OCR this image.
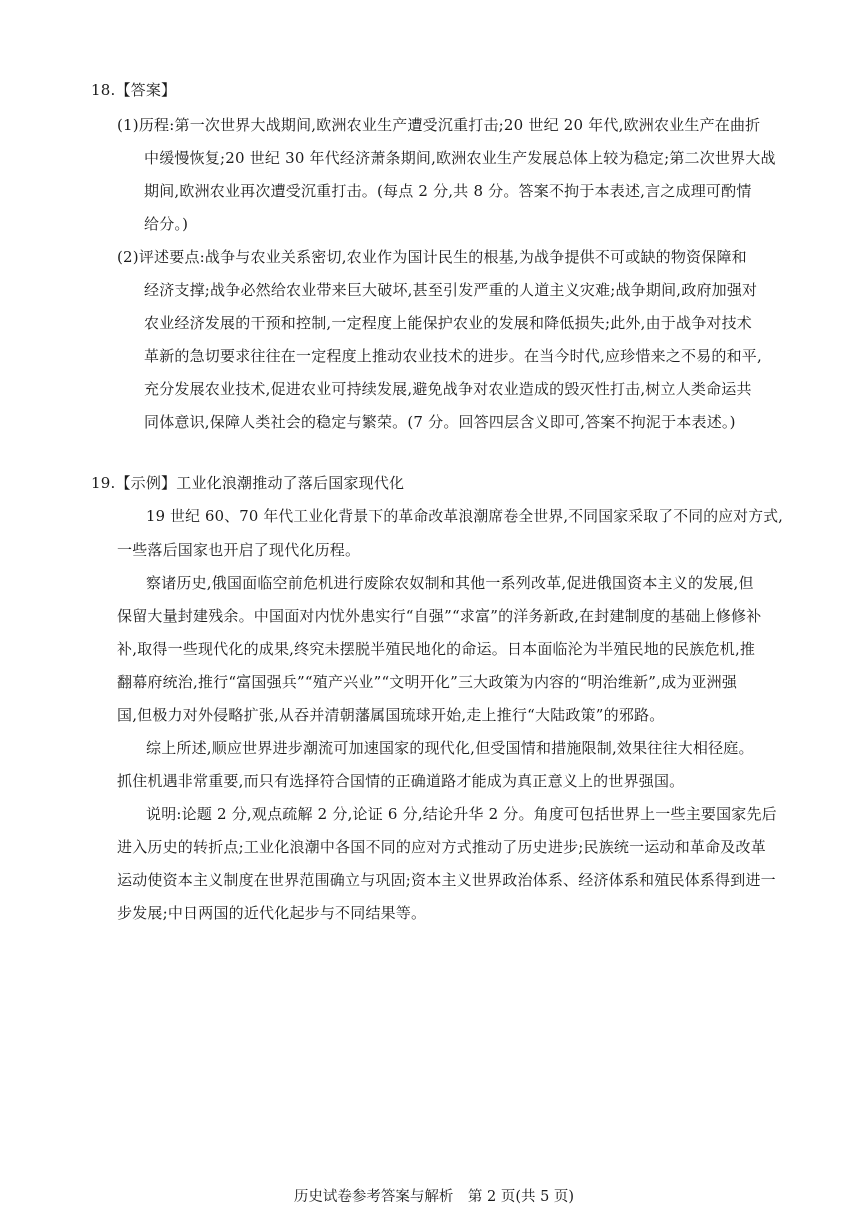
18.【答案】
(1)历程:第一次世界大战期间,欧洲农业生产遭受沉重打击;20 世纪 20 年代,欧洲农业生产在曲折
中缓慢恢复;20 世纪 30 年代经济萧条期间,欧洲农业生产发展总体上较为稳定;第二次世界大战
期间,欧洲农业再次遭受沉重打击。(每点 2 分,共 8 分。答案不拘于本表述,言之成理可酌情
给分。)
(2)评述要点:战争与农业关系密切,农业作为国计民生的根基,为战争提供不可或缺的物资保障和
经济支撑;战争必然给农业带来巨大破坏,甚至引发严重的人道主义灾难;战争期间,政府加强对
农业经济发展的干预和控制,一定程度上能保护农业的发展和降低损失;此外,由于战争对技术
革新的急切要求往往在一定程度上推动农业技术的进步。在当今时代,应珍惜来之不易的和平,
充分发展农业技术,促进农业可持续发展,避免战争对农业造成的毁灭性打击,树立人类命运共
同体意识,保障人类社会的稳定与繁荣。(7 分。回答四层含义即可,答案不拘泥于本表述。)
19.【示例】工业化浪潮推动了落后国家现代化
19 世纪 60、70 年代工业化背景下的革命改革浪潮席卷全世界,不同国家采取了不同的应对方式,
一些落后国家也开启了现代化历程。
察诸历史,俄国面临空前危机进行废除农奴制和其他一系列改革,促进俄国资本主义的发展,但
保留大量封建残余。中国面对内忧外患实行“自强”“求富”的洋务新政,在封建制度的基础上修修补
补,取得一些现代化的成果,终究未摆脱半殖民地化的命运。日本面临沦为半殖民地的民族危机,推
翻幕府统治,推行“富国强兵”“殖产兴业”“文明开化”三大政策为内容的“明治维新”,成为亚洲强
国,但极力对外侵略扩张,从吞并清朝藩属国琉球开始,走上推行“大陆政策”的邪路。
综上所述,顺应世界进步潮流可加速国家的现代化,但受国情和措施限制,效果往往大相径庭。
抓住机遇非常重要,而只有选择符合国情的正确道路才能成为真正意义上的世界强国。
说明:论题 2 分,观点疏解 2 分,论证 6 分,结论升华 2 分。角度可包括世界上一些主要国家先后
进入历史的转折点;工业化浪潮中各国不同的应对方式推动了历史进步;民族统一运动和革命及改革
运动使资本主义制度在世界范围确立与巩固;资本主义世界政治体系、经济体系和殖民体系得到进一
步发展;中日两国的近代化起步与不同结果等。
历史试卷参考答案与解析　第 2 页(共 5 页)
